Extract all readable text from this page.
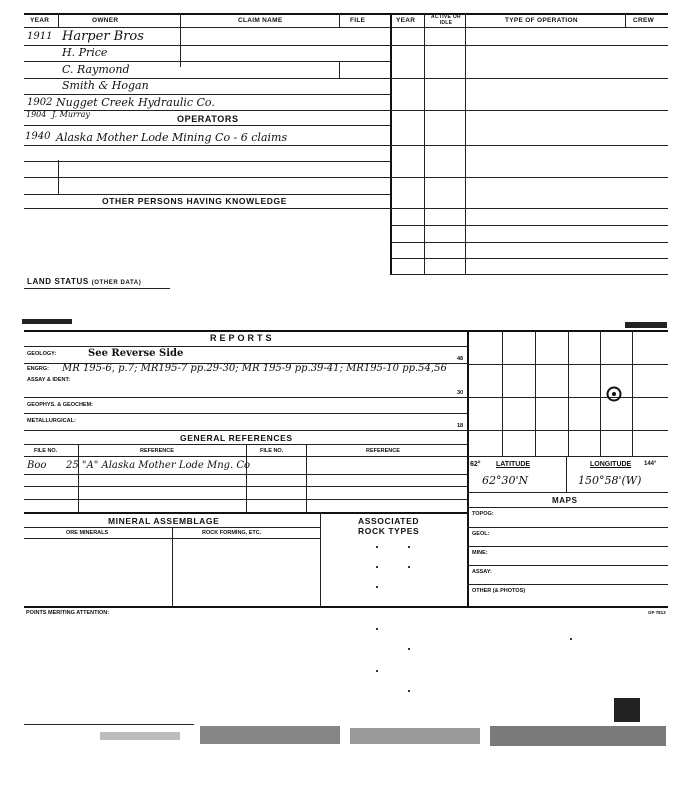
YEAR	OWNER	CLAIM NAME	FILE	YEAR	ACTIVE OR IDLE	TYPE OF OPERATION	CREW
1911 Harper Bros
H. Price
C. Raymond
Smith & Hogan
1902 Nugget Creek Hydraulic Co.
OPERATORS
1904 J. Murray
1940 Alaska Mother Lode Mining Co - 6 claims
OTHER PERSONS HAVING KNOWLEDGE
LAND STATUS (OTHER DATA)
REPORTS
GEOLOGY:	See Reverse Side	48
ENGRG: MR 195-6, p.7; MR195-7 pp.29-30; MR 195-9 pp.39-41; MR195-10 pp.54,56
ASSAY & IDENT:
30
GEOPHYS. & GEOCHEM:
METALLURGICAL:
18
GENERAL REFERENCES
FILE NO.	REFERENCE	FILE NO.	REFERENCE
Boo 25 "A" Alaska Mother Lode Mng. Co
MINERAL ASSEMBLAGE
ORE MINERALS	ROCK FORMING, ETC.
ASSOCIATED
ROCK TYPES
62° LATITUDE	LONGITUDE 144°
62°30'N	150°58'(W)
MAPS
TOPOG:
GEOL:
MINE:
ASSAY:
OTHER (& PHOTOS)
POINTS MERITING ATTENTION:	GP 7813
